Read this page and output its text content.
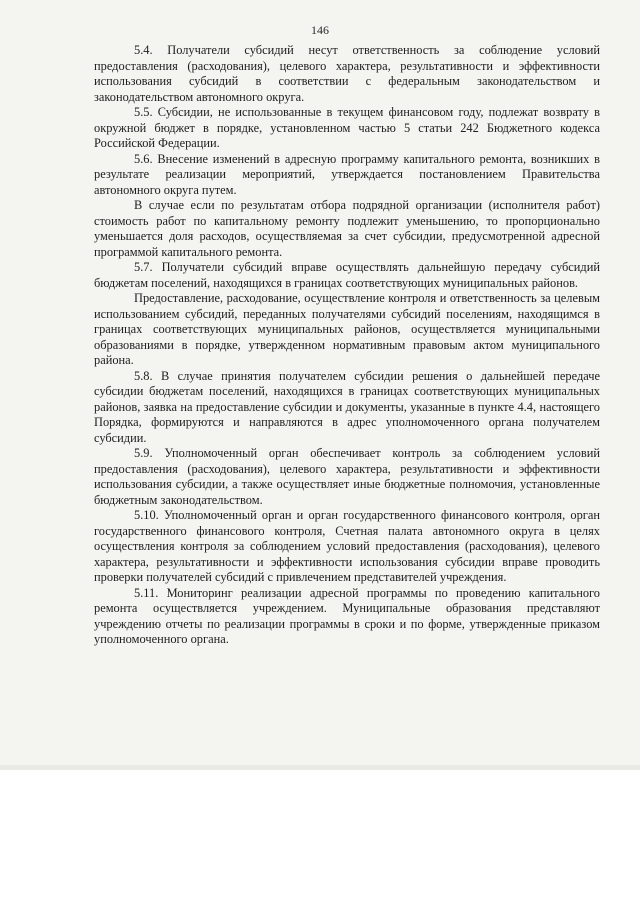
146

5.4. Получатели субсидий несут ответственность за соблюдение условий предоставления (расходования), целевого характера, результативности и эффективности использования субсидий в соответствии с федеральным законодательством и законодательством автономного округа.

5.5. Субсидии, не использованные в текущем финансовом году, подлежат возврату в окружной бюджет в порядке, установленном частью 5 статьи 242 Бюджетного кодекса Российской Федерации.

5.6. Внесение изменений в адресную программу капитального ремонта, возникших в результате реализации мероприятий, утверждается постановлением Правительства автономного округа путем.

В случае если по результатам отбора подрядной организации (исполнителя работ) стоимость работ по капитальному ремонту подлежит уменьшению, то пропорционально уменьшается доля расходов, осуществляемая за счет субсидии, предусмотренной адресной программой капитального ремонта.

5.7. Получатели субсидий вправе осуществлять дальнейшую передачу субсидий бюджетам поселений, находящихся в границах соответствующих муниципальных районов.

Предоставление, расходование, осуществление контроля и ответственность за целевым использованием субсидий, переданных получателями субсидий поселениям, находящимся в границах соответствующих муниципальных районов, осуществляется муниципальными образованиями в порядке, утвержденном нормативным правовым актом муниципального района.

5.8. В случае принятия получателем субсидии решения о дальнейшей передаче субсидии бюджетам поселений, находящихся в границах соответствующих муниципальных районов, заявка на предоставление субсидии и документы, указанные в пункте 4.4, настоящего Порядка, формируются и направляются в адрес уполномоченного органа получателем субсидии.

5.9. Уполномоченный орган обеспечивает контроль за соблюдением условий предоставления (расходования), целевого характера, результативности и эффективности использования субсидии, а также осуществляет иные бюджетные полномочия, установленные бюджетным законодательством.

5.10. Уполномоченный орган и орган государственного финансового контроля, орган государственного финансового контроля, Счетная палата автономного округа в целях осуществления контроля за соблюдением условий предоставления (расходования), целевого характера, результативности и эффективности использования субсидии вправе проводить проверки получателей субсидий с привлечением представителей учреждения.

5.11. Мониторинг реализации адресной программы по проведению капитального ремонта осуществляется учреждением. Муниципальные образования представляют учреждению отчеты по реализации программы в сроки и по форме, утвержденные приказом уполномоченного органа.
